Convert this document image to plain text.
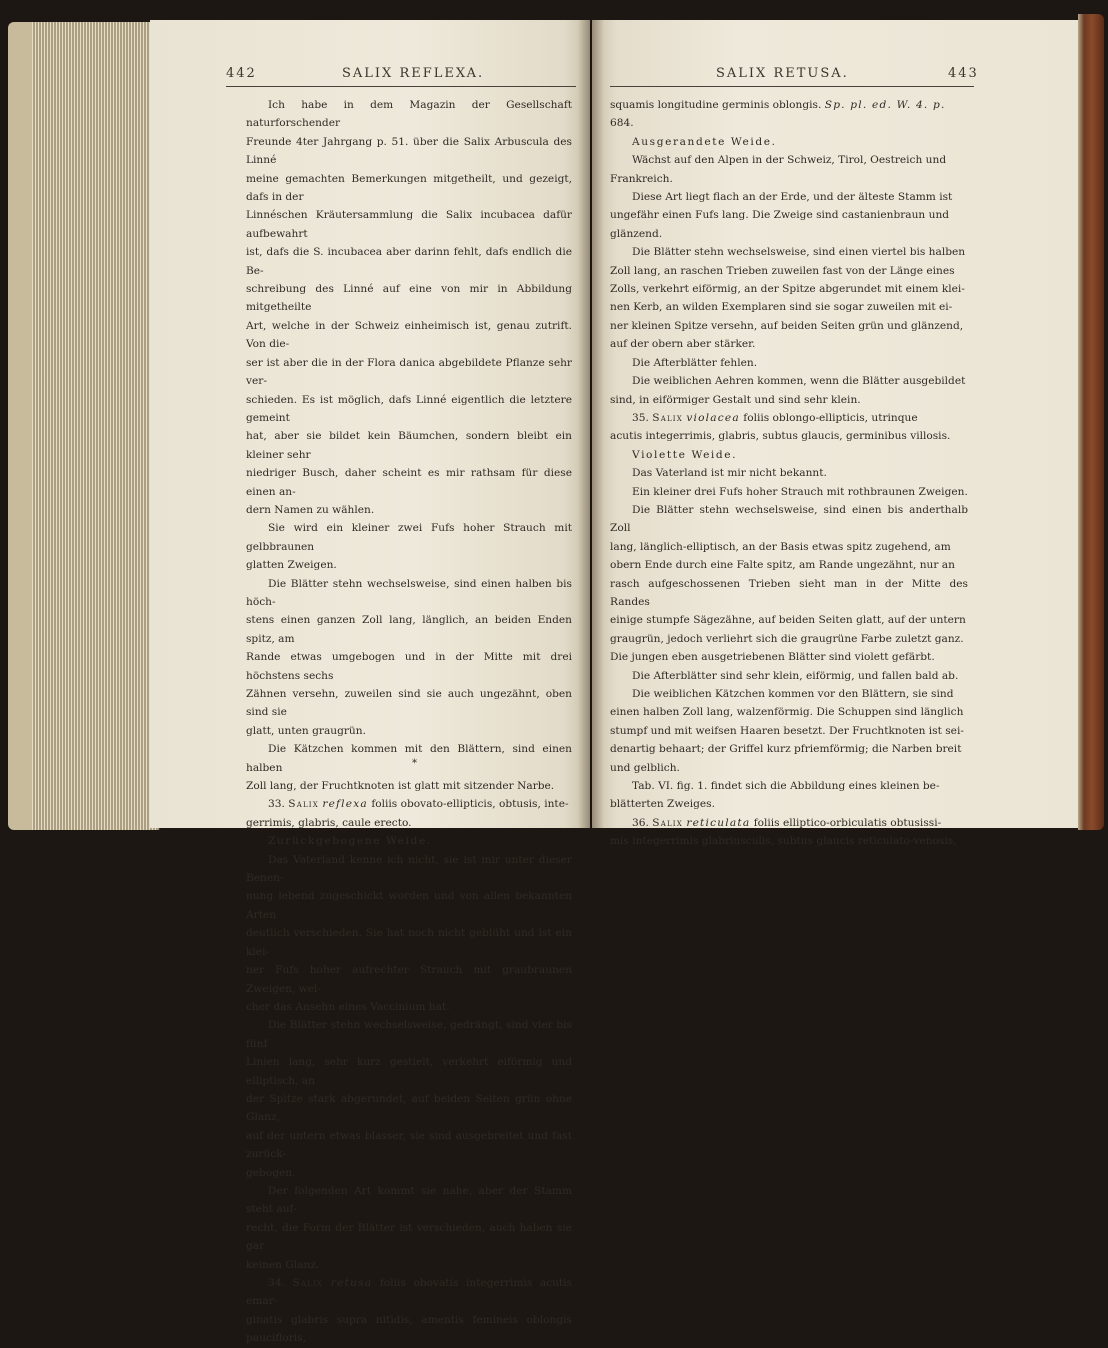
442	SALIX REFLEXA.

Ich habe in dem Magazin der Gesellschaft naturforschender

Freunde 4ter Jahrgang p. 51. über die Salix Arbuscula des Linné

meine gemachten Bemerkungen mitgetheilt, und gezeigt, dafs in der

Linnéschen Kräutersammlung die Salix incubacea dafür aufbewahrt

ist, dafs die S. incubacea aber darinn fehlt, dafs endlich die Be-

schreibung des Linné auf eine von mir in Abbildung mitgetheilte

Art, welche in der Schweiz einheimisch ist, genau zutrift. Von die-

ser ist aber die in der Flora danica abgebildete Pflanze sehr ver-

schieden. Es ist möglich, dafs Linné eigentlich die letztere gemeint

hat, aber sie bildet kein Bäumchen, sondern bleibt ein kleiner sehr

niedriger Busch, daher scheint es mir rathsam für diese einen an-

dern Namen zu wählen.

Sie wird ein kleiner zwei Fufs hoher Strauch mit gelbbraunen

glatten Zweigen.

Die Blätter stehn wechselsweise, sind einen halben bis höch-

stens einen ganzen Zoll lang, länglich, an beiden Enden spitz, am

Rande etwas umgebogen und in der Mitte mit drei höchstens sechs

Zähnen versehn, zuweilen sind sie auch ungezähnt, oben sind sie

glatt, unten graugrün.

Die Kätzchen kommen mit den Blättern, sind einen halben

Zoll lang, der Fruchtknoten ist glatt mit sitzender Narbe.

33. Salix reflexa foliis obovato-ellipticis, obtusis, inte-

gerrimis, glabris, caule erecto.

Zurückgebogene Weide.

Das Vaterland kenne ich nicht, sie ist mir unter dieser Benen-

nung lebend zugeschickt worden und von allen bekannten Arten

deutlich verschieden. Sie hat noch nicht geblüht und ist ein klei-

ner Fufs hoher aufrechter Strauch mit graubraunen Zweigen, wel-

cher das Ansehn eines Vaccinium hat.

Die Blätter stehn wechselsweise, gedrängt, sind vier bis fünf

Linien lang, sehr kurz gestielt, verkehrt eiförmig und elliptisch, an

der Spitze stark abgerundet, auf beiden Seiten grün ohne Glanz,

auf der untern etwas blasser, sie sind ausgebreitet und fast zurück-

gebogen.

Der folgenden Art kommt sie nahe, aber der Stamm steht auf-

recht, die Form der Blätter ist verschieden, auch haben sie gar

keinen Glanz.

34. Salix retusa foliis obovatis integerrimis acutis emar-

ginatis glabris supra nitidis, amentis femineis oblongis paucifloris,

*
SALIX RETUSA.	443

squamis longitudine germinis oblongis. Sp. pl. ed. W. 4. p.

684.

Ausgerandete Weide.

Wächst auf den Alpen in der Schweiz, Tirol, Oestreich und

Frankreich.

Diese Art liegt flach an der Erde, und der älteste Stamm ist

ungefähr einen Fufs lang. Die Zweige sind castanienbraun und

glänzend.

Die Blätter stehn wechselsweise, sind einen viertel bis halben

Zoll lang, an raschen Trieben zuweilen fast von der Länge eines

Zolls, verkehrt eiförmig, an der Spitze abgerundet mit einem klei-

nen Kerb, an wilden Exemplaren sind sie sogar zuweilen mit ei-

ner kleinen Spitze versehn, auf beiden Seiten grün und glänzend,

auf der obern aber stärker.

Die Afterblätter fehlen.

Die weiblichen Aehren kommen, wenn die Blätter ausgebildet

sind, in eiförmiger Gestalt und sind sehr klein.

35. Salix violacea foliis oblongo-ellipticis, utrinque

acutis integerrimis, glabris, subtus glaucis, germinibus villosis.

Violette Weide.

Das Vaterland ist mir nicht bekannt.

Ein kleiner drei Fufs hoher Strauch mit rothbraunen Zweigen.

Die Blätter stehn wechselsweise, sind einen bis anderthalb Zoll

lang, länglich-elliptisch, an der Basis etwas spitz zugehend, am

obern Ende durch eine Falte spitz, am Rande ungezähnt, nur an

rasch aufgeschossenen Trieben sieht man in der Mitte des Randes

einige stumpfe Sägezähne, auf beiden Seiten glatt, auf der untern

graugrün, jedoch verliehrt sich die graugrüne Farbe zuletzt ganz.

Die jungen eben ausgetriebenen Blätter sind violett gefärbt.

Die Afterblätter sind sehr klein, eiförmig, und fallen bald ab.

Die weiblichen Kätzchen kommen vor den Blättern, sie sind

einen halben Zoll lang, walzenförmig. Die Schuppen sind länglich

stumpf und mit weifsen Haaren besetzt. Der Fruchtknoten ist sei-

denartig behaart; der Griffel kurz pfriemförmig; die Narben breit

und gelblich.

Tab. VI. fig. 1. findet sich die Abbildung eines kleinen be-

blätterten Zweiges.

36. Salix reticulata foliis elliptico-orbiculatis obtusissi-

mis integerrimis glabriusculis, subtus glaucis reticulato-venosis,
